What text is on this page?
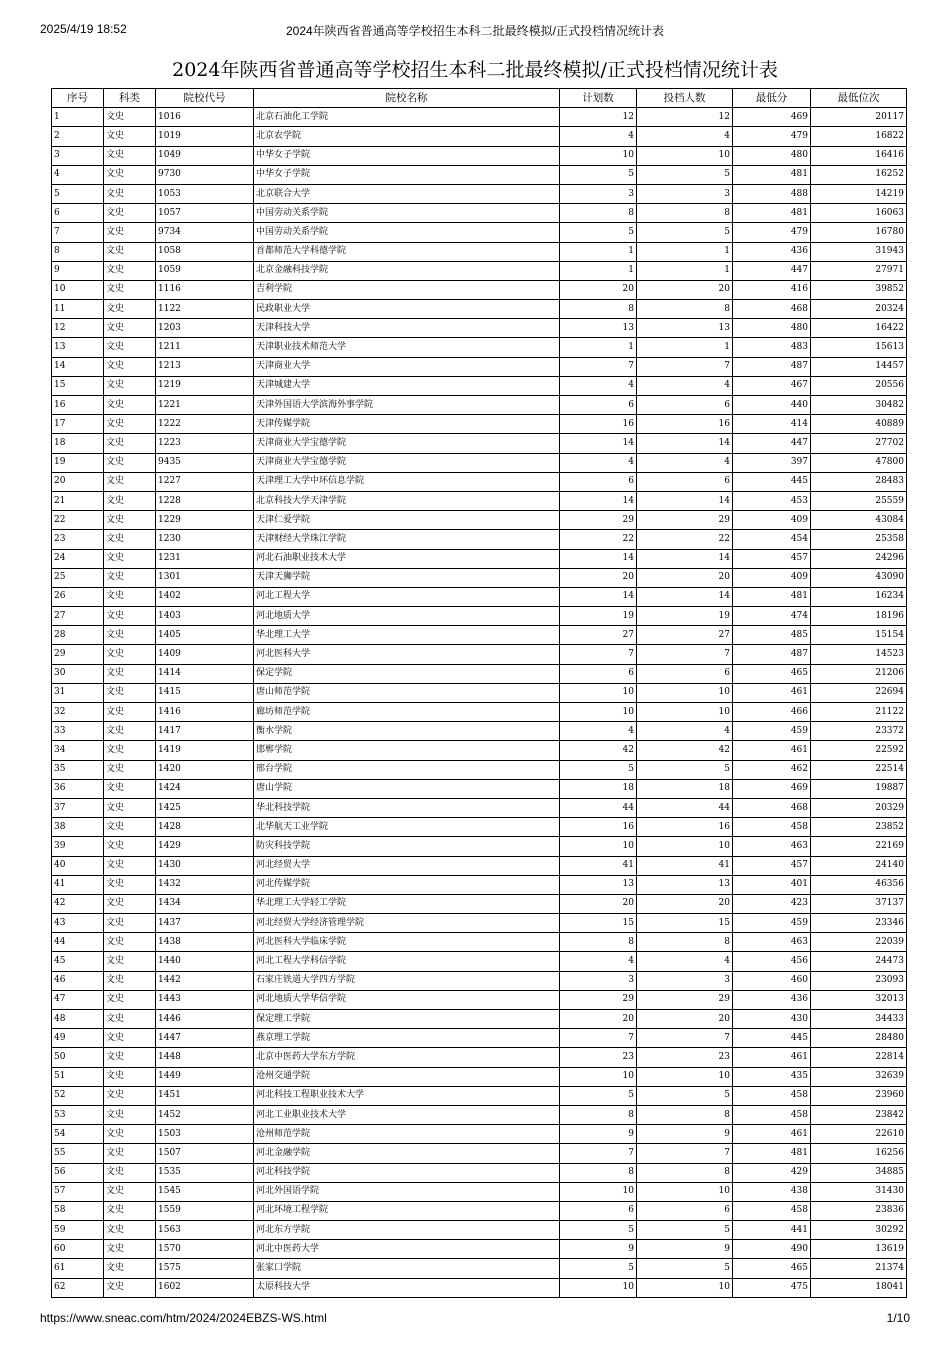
2025/4/19 18:52	2024年陕西省普通高等学校招生本科二批最终模拟/正式投档情况统计表
2024年陕西省普通高等学校招生本科二批最终模拟/正式投档情况统计表
序号	科类	院校代号	院校名称	计划数	投档人数	最低分	最低位次
1	文史	1016	北京石油化工学院	12	12	469	20117
2	文史	1019	北京农学院	4	4	479	16822
3	文史	1049	中华女子学院	10	10	480	16416
4	文史	9730	中华女子学院	5	5	481	16252
5	文史	1053	北京联合大学	3	3	488	14219
6	文史	1057	中国劳动关系学院	8	8	481	16063
7	文史	9734	中国劳动关系学院	5	5	479	16780
8	文史	1058	首都师范大学科德学院	1	1	436	31943
9	文史	1059	北京金融科技学院	1	1	447	27971
10	文史	1116	吉利学院	20	20	416	39852
11	文史	1122	民政职业大学	8	8	468	20324
12	文史	1203	天津科技大学	13	13	480	16422
13	文史	1211	天津职业技术师范大学	1	1	483	15613
14	文史	1213	天津商业大学	7	7	487	14457
15	文史	1219	天津城建大学	4	4	467	20556
16	文史	1221	天津外国语大学滨海外事学院	6	6	440	30482
17	文史	1222	天津传媒学院	16	16	414	40889
18	文史	1223	天津商业大学宝德学院	14	14	447	27702
19	文史	9435	天津商业大学宝德学院	4	4	397	47800
20	文史	1227	天津理工大学中环信息学院	6	6	445	28483
21	文史	1228	北京科技大学天津学院	14	14	453	25559
22	文史	1229	天津仁爱学院	29	29	409	43084
23	文史	1230	天津财经大学珠江学院	22	22	454	25358
24	文史	1231	河北石油职业技术大学	14	14	457	24296
25	文史	1301	天津天狮学院	20	20	409	43090
26	文史	1402	河北工程大学	14	14	481	16234
27	文史	1403	河北地质大学	19	19	474	18196
28	文史	1405	华北理工大学	27	27	485	15154
29	文史	1409	河北医科大学	7	7	487	14523
30	文史	1414	保定学院	6	6	465	21206
31	文史	1415	唐山师范学院	10	10	461	22694
32	文史	1416	廊坊师范学院	10	10	466	21122
33	文史	1417	衡水学院	4	4	459	23372
34	文史	1419	邯郸学院	42	42	461	22592
35	文史	1420	邢台学院	5	5	462	22514
36	文史	1424	唐山学院	18	18	469	19887
37	文史	1425	华北科技学院	44	44	468	20329
38	文史	1428	北华航天工业学院	16	16	458	23852
39	文史	1429	防灾科技学院	10	10	463	22169
40	文史	1430	河北经贸大学	41	41	457	24140
41	文史	1432	河北传媒学院	13	13	401	46356
42	文史	1434	华北理工大学轻工学院	20	20	423	37137
43	文史	1437	河北经贸大学经济管理学院	15	15	459	23346
44	文史	1438	河北医科大学临床学院	8	8	463	22039
45	文史	1440	河北工程大学科信学院	4	4	456	24473
46	文史	1442	石家庄铁道大学四方学院	3	3	460	23093
47	文史	1443	河北地质大学华信学院	29	29	436	32013
48	文史	1446	保定理工学院	20	20	430	34433
49	文史	1447	燕京理工学院	7	7	445	28480
50	文史	1448	北京中医药大学东方学院	23	23	461	22814
51	文史	1449	沧州交通学院	10	10	435	32639
52	文史	1451	河北科技工程职业技术大学	5	5	458	23960
53	文史	1452	河北工业职业技术大学	8	8	458	23842
54	文史	1503	沧州师范学院	9	9	461	22610
55	文史	1507	河北金融学院	7	7	481	16256
56	文史	1535	河北科技学院	8	8	429	34885
57	文史	1545	河北外国语学院	10	10	438	31430
58	文史	1559	河北环境工程学院	6	6	458	23836
59	文史	1563	河北东方学院	5	5	441	30292
60	文史	1570	河北中医药大学	9	9	490	13619
61	文史	1575	张家口学院	5	5	465	21374
62	文史	1602	太原科技大学	10	10	475	18041
https://www.sneac.com/htm/2024/2024EBZS-WS.html	1/10
